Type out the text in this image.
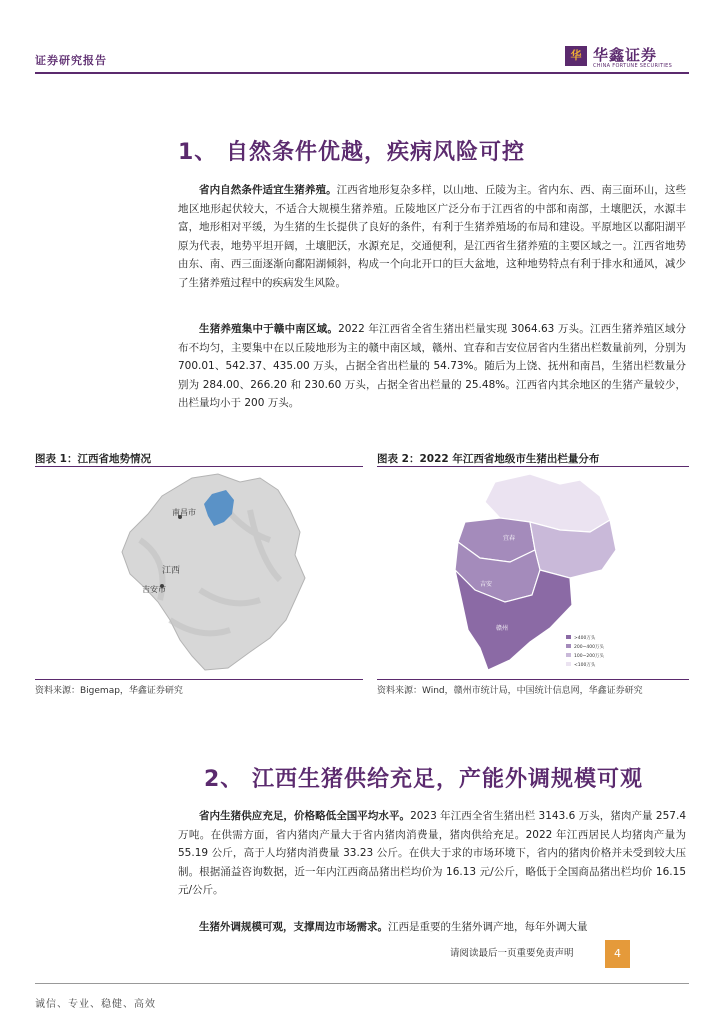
证券研究报告	华 华鑫证券
CHINA FORTUNE SECURITIES
1、 自然条件优越，疾病风险可控
省内自然条件适宜生猪养殖。江西省地形复杂多样，以山地、丘陵为主。省内东、西、南三面环山，这些地区地形起伏较大，不适合大规模生猪养殖。丘陵地区广泛分布于江西省的中部和南部，土壤肥沃，水源丰富，地形相对平缓，为生猪的生长提供了良好的条件，有利于生猪养殖场的布局和建设。平原地区以鄱阳湖平原为代表，地势平坦开阔，土壤肥沃，水源充足，交通便利，是江西省生猪养殖的主要区域之一。江西省地势由东、南、西三面逐渐向鄱阳湖倾斜，构成一个向北开口的巨大盆地，这种地势特点有利于排水和通风，减少了生猪养殖过程中的疾病发生风险。
生猪养殖集中于赣中南区域。2022 年江西省全省生猪出栏量实现 3064.63 万头。江西生猪养殖区域分布不均匀，主要集中在以丘陵地形为主的赣中南区域，赣州、宜春和吉安位居省内生猪出栏数量前列，分别为 700.01、542.37、435.00 万头，占据全省出栏量的 54.73%。随后为上饶、抚州和南昌，生猪出栏数量分别为 284.00、266.20 和 230.60 万头，占据全省出栏量的 25.48%。江西省内其余地区的生猪产量较少，出栏量均小于 200 万头。
图表 1：江西省地势情况	图表 2：2022 年江西省地级市生猪出栏量分布
南昌市
江西
吉安市
宜春
吉安
赣州
>400万头
200~400万头
100~200万头
<100万头
资料来源：Bigemap，华鑫证券研究	资料来源：Wind，赣州市统计局，中国统计信息网，华鑫证券研究
2、 江西生猪供给充足，产能外调规模可观
省内生猪供应充足，价格略低全国平均水平。2023 年江西全省生猪出栏 3143.6 万头，猪肉产量 257.4 万吨。在供需方面，省内猪肉产量大于省内猪肉消费量，猪肉供给充足。2022 年江西居民人均猪肉产量为 55.19 公斤，高于人均猪肉消费量 33.23 公斤。在供大于求的市场环境下，省内的猪肉价格并未受到较大压制。根据涌益咨询数据，近一年内江西商品猪出栏均价为 16.13 元/公斤，略低于全国商品猪出栏均价 16.15 元/公斤。
生猪外调规模可观，支撑周边市场需求。江西是重要的生猪外调产地，每年外调大量
请阅读最后一页重要免责声明	4
诚信、专业、稳健、高效
